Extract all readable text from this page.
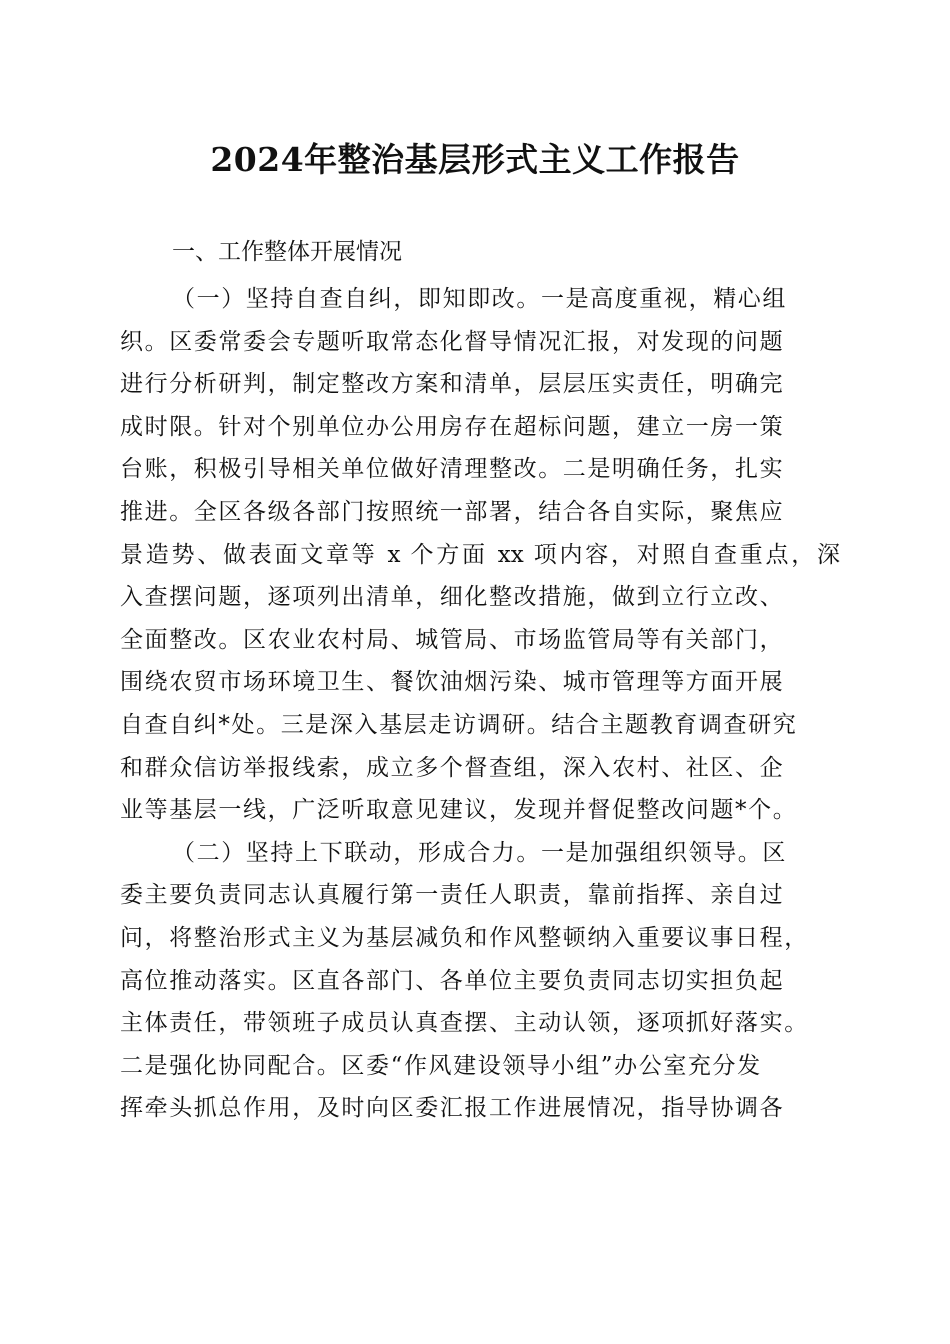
2024年整治基层形式主义工作报告
一、工作整体开展情况
（一）坚持自查自纠，即知即改。一是高度重视，精心组
织。区委常委会专题听取常态化督导情况汇报，对发现的问题
进行分析研判，制定整改方案和清单，层层压实责任，明确完
成时限。针对个别单位办公用房存在超标问题，建立一房一策
台账，积极引导相关单位做好清理整改。二是明确任务，扎实
推进。全区各级各部门按照统一部署，结合各自实际，聚焦应
景造势、做表面文章等 x 个方面 xx 项内容，对照自查重点，深
入查摆问题，逐项列出清单，细化整改措施，做到立行立改、
全面整改。区农业农村局、城管局、市场监管局等有关部门，
围绕农贸市场环境卫生、餐饮油烟污染、城市管理等方面开展
自查自纠*处。三是深入基层走访调研。结合主题教育调查研究
和群众信访举报线索，成立多个督查组，深入农村、社区、企
业等基层一线，广泛听取意见建议，发现并督促整改问题*个。
（二）坚持上下联动，形成合力。一是加强组织领导。区
委主要负责同志认真履行第一责任人职责，靠前指挥、亲自过
问，将整治形式主义为基层减负和作风整顿纳入重要议事日程，
高位推动落实。区直各部门、各单位主要负责同志切实担负起
主体责任，带领班子成员认真查摆、主动认领，逐项抓好落实。
二是强化协同配合。区委“作风建设领导小组”办公室充分发
挥牵头抓总作用，及时向区委汇报工作进展情况，指导协调各
